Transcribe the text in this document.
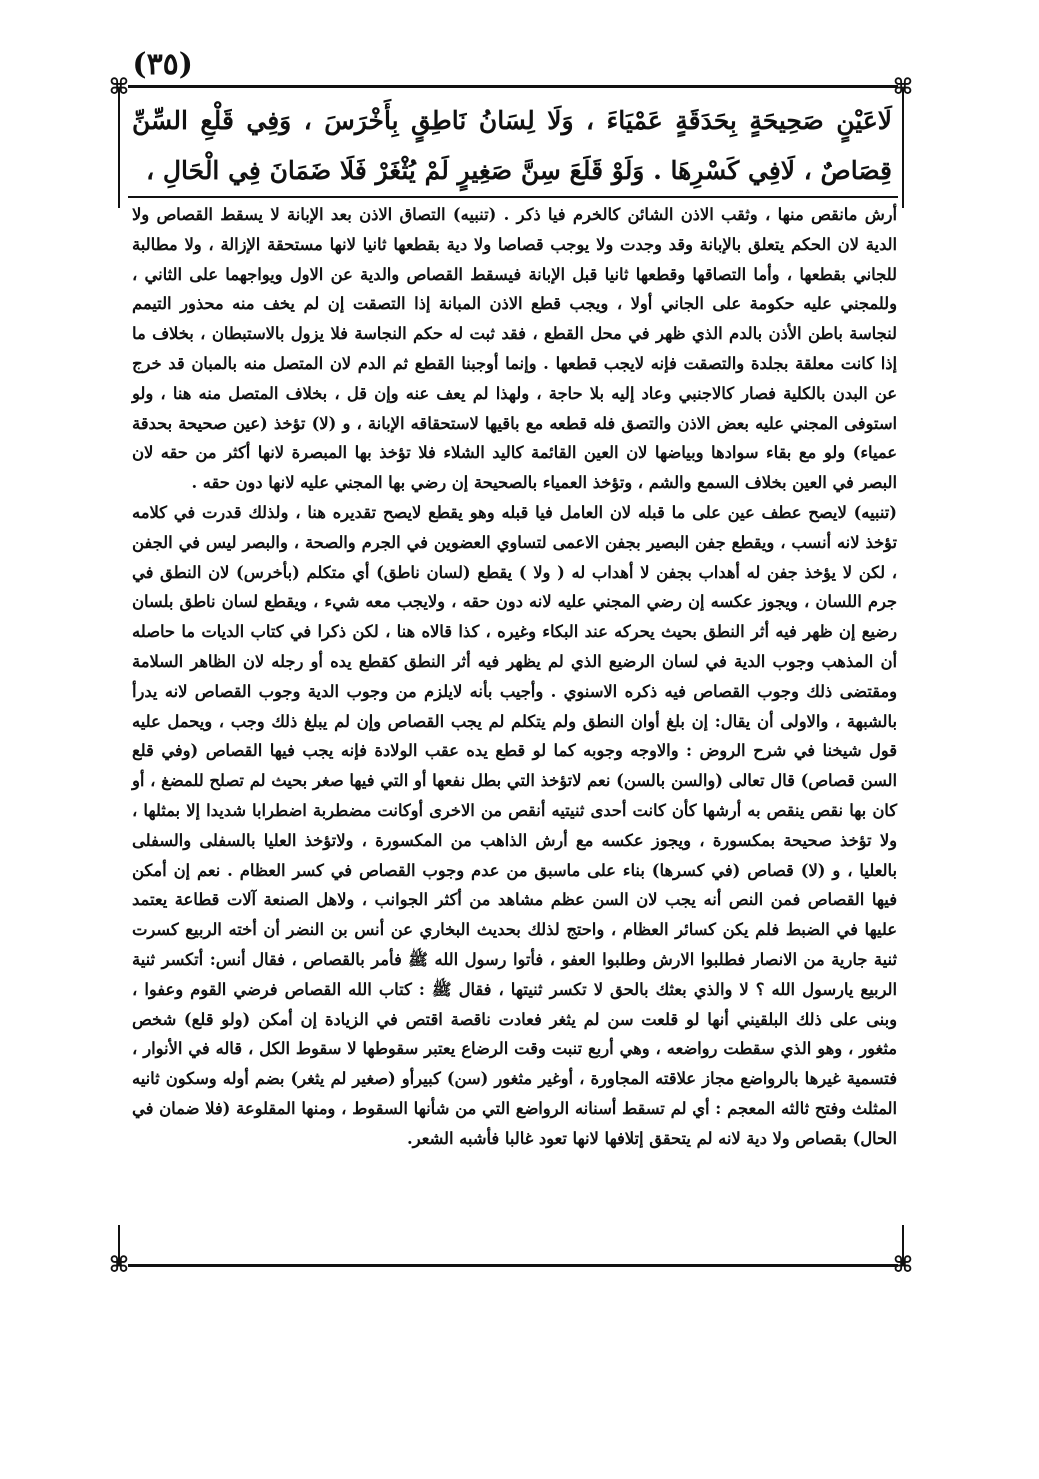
(٣٥)
⌘	⌘
⌘	⌘
لَاعَيْنٍ صَحِيحَةٍ بِحَدَقَةٍ عَمْيَاءَ ، وَلَا لِسَانُ نَاطِقٍ بِأَخْرَسَ ، وَفِي قَلْعِ السِّنِّ قِصَاصٌ ، لَافِي كَسْرِهَا . وَلَوْ قَلَعَ سِنَّ صَغِيرٍ لَمْ يُثْغَرْ فَلَا ضَمَانَ فِي الْحَالِ ،

أرش مانقص منها ، وثقب الاذن الشائن كالخرم فيا ذكر . (تنبيه) التصاق الاذن بعد الإبانة لا يسقط القصاص ولا الدية لان الحكم يتعلق بالإبانة وقد وجدت ولا يوجب قصاصا ولا دية بقطعها ثانيا لانها مستحقة الإزالة ، ولا مطالبة للجاني بقطعها ، وأما التصاقها وقطعها ثانيا قبل الإبانة فيسقط القصاص والدية عن الاول ويواجهما على الثاني ، وللمجني عليه حكومة على الجاني أولا ، ويجب قطع الاذن المبانة إذا التصقت إن لم يخف منه محذور التيمم لنجاسة باطن الأذن بالدم الذي ظهر في محل القطع ، فقد ثبت له حكم النجاسة فلا يزول بالاستبطان ، بخلاف ما إذا كانت معلقة بجلدة والتصقت فإنه لايجب قطعها . وإنما أوجبنا القطع ثم الدم لان المتصل منه بالمبان قد خرج عن البدن بالكلية فصار كالاجنبي وعاد إليه بلا حاجة ، ولهذا لم يعف عنه وإن قل ، بخلاف المتصل منه هنا ، ولو استوفى المجني عليه بعض الاذن والتصق فله قطعه مع باقيها لاستحقاقه الإبانة ، و (لا) تؤخذ (عين صحيحة بحدقة عمياء) ولو مع بقاء سوادها وبياضها لان العين القائمة كاليد الشلاء فلا تؤخذ بها المبصرة لانها أكثر من حقه لان البصر في العين بخلاف السمع والشم ، وتؤخذ العمياء بالصحيحة إن رضي بها المجني عليه لانها دون حقه .

(تنبيه) لايصح عطف عين على ما قبله لان العامل فيا قبله وهو يقطع لايصح تقديره هنا ، ولذلك قدرت في كلامه تؤخذ لانه أنسب ، ويقطع جفن البصير بجفن الاعمى لتساوي العضوين في الجرم والصحة ، والبصر ليس في الجفن ، لكن لا يؤخذ جفن له أهداب بجفن لا أهداب له ( ولا ) يقطع (لسان ناطق) أي متكلم (بأخرس) لان النطق في جرم اللسان ، ويجوز عكسه إن رضي المجني عليه لانه دون حقه ، ولايجب معه شيء ، ويقطع لسان ناطق بلسان رضيع إن ظهر فيه أثر النطق بحيث يحركه عند البكاء وغيره ، كذا قالاه هنا ، لكن ذكرا في كتاب الديات ما حاصله أن المذهب وجوب الدية في لسان الرضيع الذي لم يظهر فيه أثر النطق كقطع يده أو رجله لان الظاهر السلامة ومقتضى ذلك وجوب القصاص فيه ذكره الاسنوي . وأجيب بأنه لايلزم من وجوب الدية وجوب القصاص لانه يدرأ بالشبهة ، والاولى أن يقال: إن بلغ أوان النطق ولم يتكلم لم يجب القصاص وإن لم يبلغ ذلك وجب ، ويحمل عليه قول شيخنا في شرح الروض : والاوجه وجوبه كما لو قطع يده عقب الولادة فإنه يجب فيها القصاص (وفي قلع السن قصاص) قال تعالى (والسن بالسن) نعم لاتؤخذ التي بطل نفعها أو التي فيها صغر بحيث لم تصلح للمضغ ، أو كان بها نقص ينقص به أرشها كأن كانت أحدى ثنيتيه أنقص من الاخرى أوكانت مضطربة اضطرابا شديدا إلا بمثلها ، ولا تؤخذ صحيحة بمكسورة ، ويجوز عكسه مع أرش الذاهب من المكسورة ، ولاتؤخذ العليا بالسفلى والسفلى بالعليا ، و (لا) قصاص (في كسرها) بناء على ماسبق من عدم وجوب القصاص في كسر العظام . نعم إن أمكن فيها القصاص فمن النص أنه يجب لان السن عظم مشاهد من أكثر الجوانب ، ولاهل الصنعة آلات قطاعة يعتمد عليها في الضبط فلم يكن كسائر العظام ، واحتج لذلك بحديث البخاري عن أنس بن النضر أن أخته الربيع كسرت ثنية جارية من الانصار فطلبوا الارش وطلبوا العفو ، فأتوا رسول الله ﷺ فأمر بالقصاص ، فقال أنس: أتكسر ثنية الربيع يارسول الله ؟ لا والذي بعثك بالحق لا تكسر ثنيتها ، فقال ﷺ : كتاب الله القصاص فرضي القوم وعفوا ، وبنى على ذلك البلقيني أنها لو قلعت سن لم يثغر فعادت ناقصة اقتص في الزيادة إن أمكن (ولو قلع) شخص مثغور ، وهو الذي سقطت رواضعه ، وهي أربع تنبت وقت الرضاع يعتبر سقوطها لا سقوط الكل ، قاله في الأنوار ، فتسمية غيرها بالرواضع مجاز علاقته المجاورة ، أوغير مثغور (سن) كبيرأو (صغير لم يثغر) بضم أوله وسكون ثانيه المثلث وفتح ثالثه المعجم : أي لم تسقط أسنانه الرواضع التي من شأنها السقوط ، ومنها المقلوعة (فلا ضمان في الحال) بقصاص ولا دية لانه لم يتحقق إتلافها لانها تعود غالبا فأشبه الشعر.
